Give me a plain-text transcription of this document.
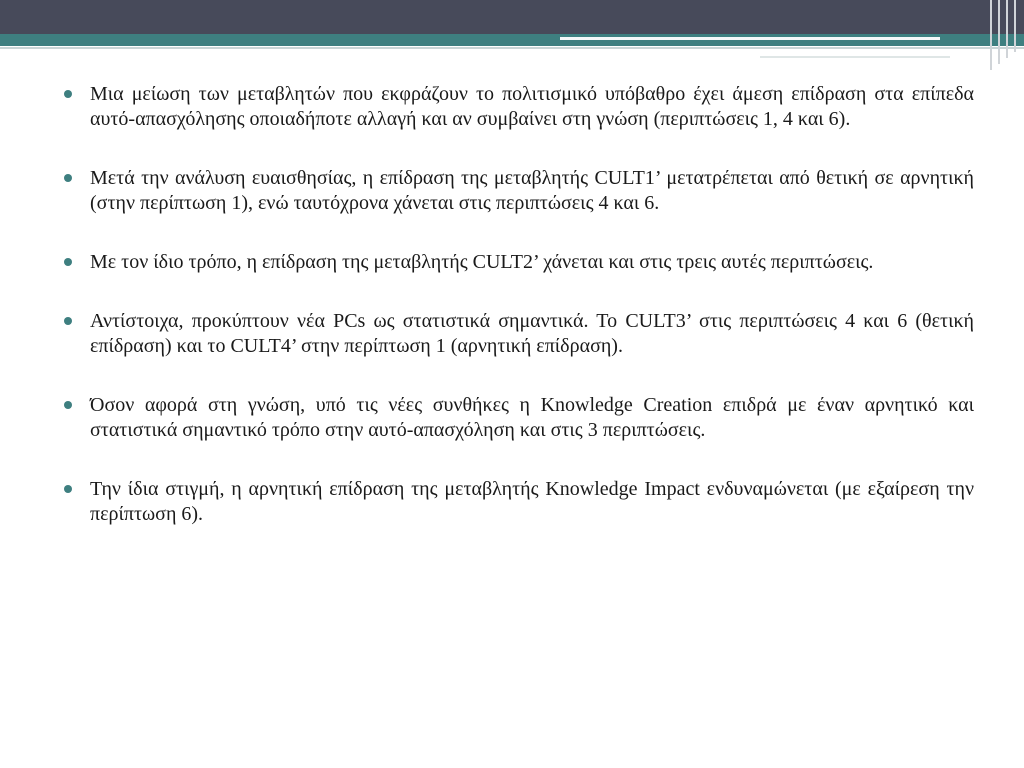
Μια μείωση των μεταβλητών που εκφράζουν το πολιτισμικό υπόβαθρο έχει άμεση επίδραση στα επίπεδα αυτό-απασχόλησης οποιαδήποτε αλλαγή και αν συμβαίνει στη γνώση (περιπτώσεις 1, 4 και 6).
Μετά την ανάλυση ευαισθησίας, η επίδραση της μεταβλητής CULT1’ μετατρέπεται από θετική σε αρνητική (στην περίπτωση 1), ενώ ταυτόχρονα χάνεται στις περιπτώσεις 4 και 6.
Με τον ίδιο τρόπο, η επίδραση της μεταβλητής CULT2’ χάνεται και στις τρεις αυτές περιπτώσεις.
Αντίστοιχα, προκύπτουν νέα PCs ως στατιστικά σημαντικά. Το CULT3’ στις περιπτώσεις 4 και 6 (θετική επίδραση) και το CULT4’ στην περίπτωση 1 (αρνητική επίδραση).
Όσον αφορά στη γνώση, υπό τις νέες συνθήκες η Knowledge Creation επιδρά με έναν αρνητικό και στατιστικά σημαντικό τρόπο στην αυτό-απασχόληση και στις 3 περιπτώσεις.
Την ίδια στιγμή, η αρνητική επίδραση της μεταβλητής Knowledge Impact ενδυναμώνεται (με εξαίρεση την περίπτωση 6).
